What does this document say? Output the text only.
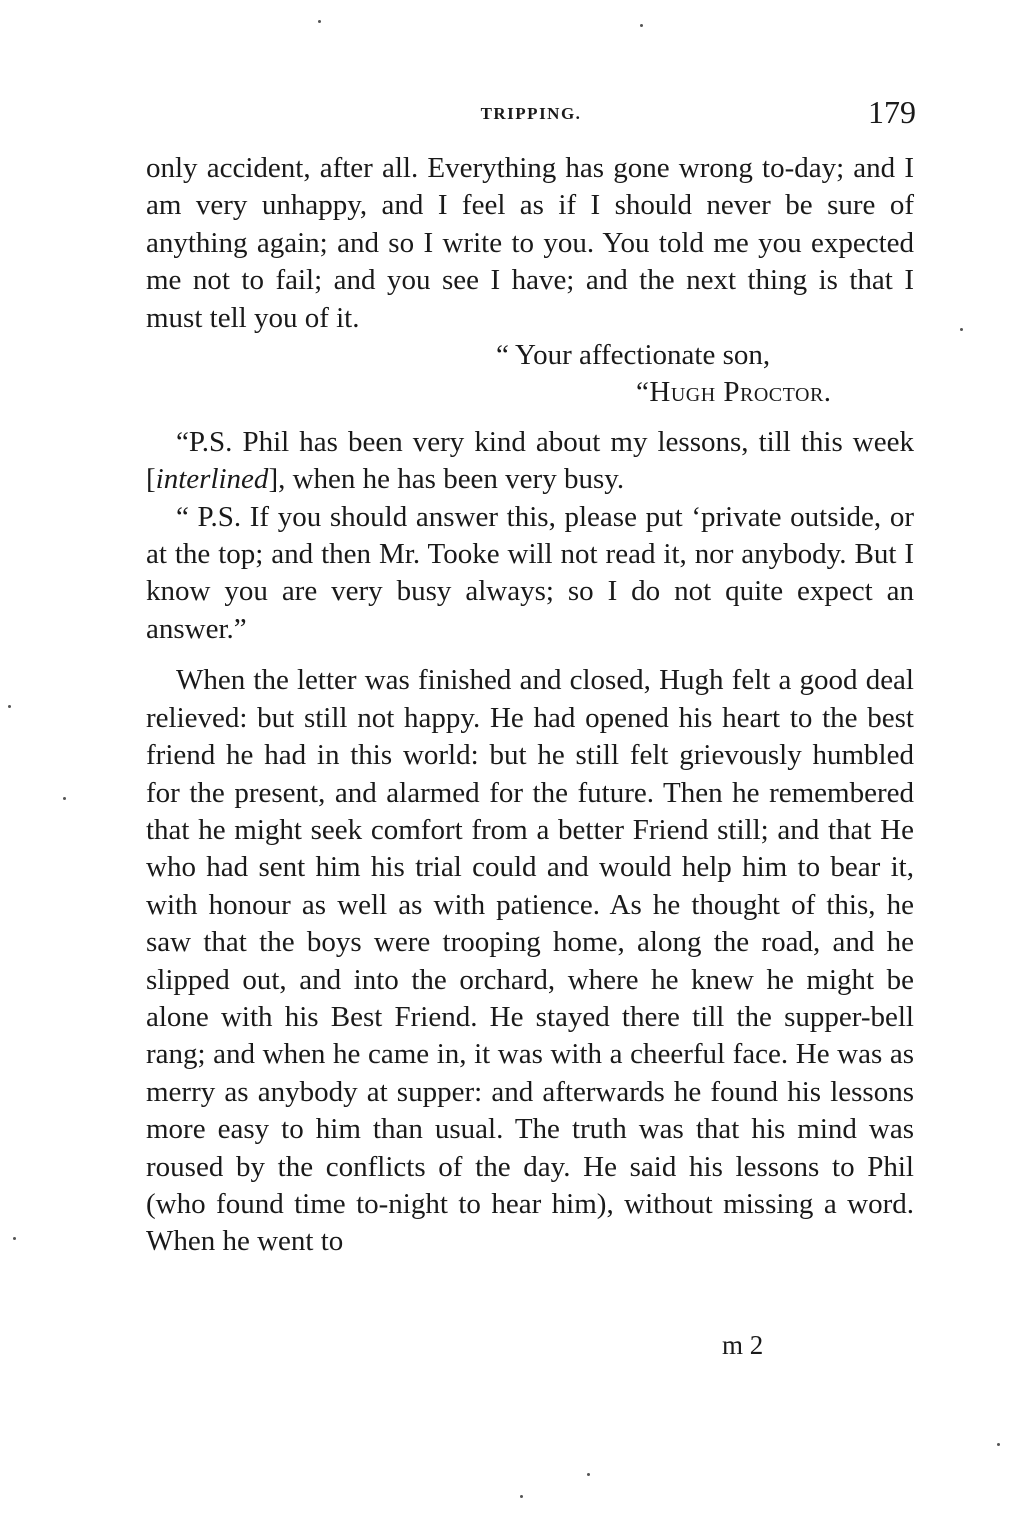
TRIPPING.	179

only accident, after all. Everything has gone wrong to-day; and I am very unhappy, and I feel as if I should never be sure of anything again; and so I write to you. You told me you expected me not to fail; and you see I have; and the next thing is that I must tell you of it.

“ Your affectionate son,

“Hugh Proctor.

“P.S. Phil has been very kind about my lessons, till this week [interlined], when he has been very busy.

“ P.S. If you should answer this, please put ‘private outside, or at the top; and then Mr. Tooke will not read it, nor anybody. But I know you are very busy always; so I do not quite expect an answer.”

When the letter was finished and closed, Hugh felt a good deal relieved: but still not happy. He had opened his heart to the best friend he had in this world: but he still felt grievously humbled for the present, and alarmed for the future. Then he remembered that he might seek comfort from a better Friend still; and that He who had sent him his trial could and would help him to bear it, with honour as well as with patience. As he thought of this, he saw that the boys were trooping home, along the road, and he slipped out, and into the orchard, where he knew he might be alone with his Best Friend. He stayed there till the supper-bell rang; and when he came in, it was with a cheerful face. He was as merry as anybody at supper: and afterwards he found his lessons more easy to him than usual. The truth was that his mind was roused by the conflicts of the day. He said his lessons to Phil (who found time to-night to hear him), without missing a word. When he went to

m 2
